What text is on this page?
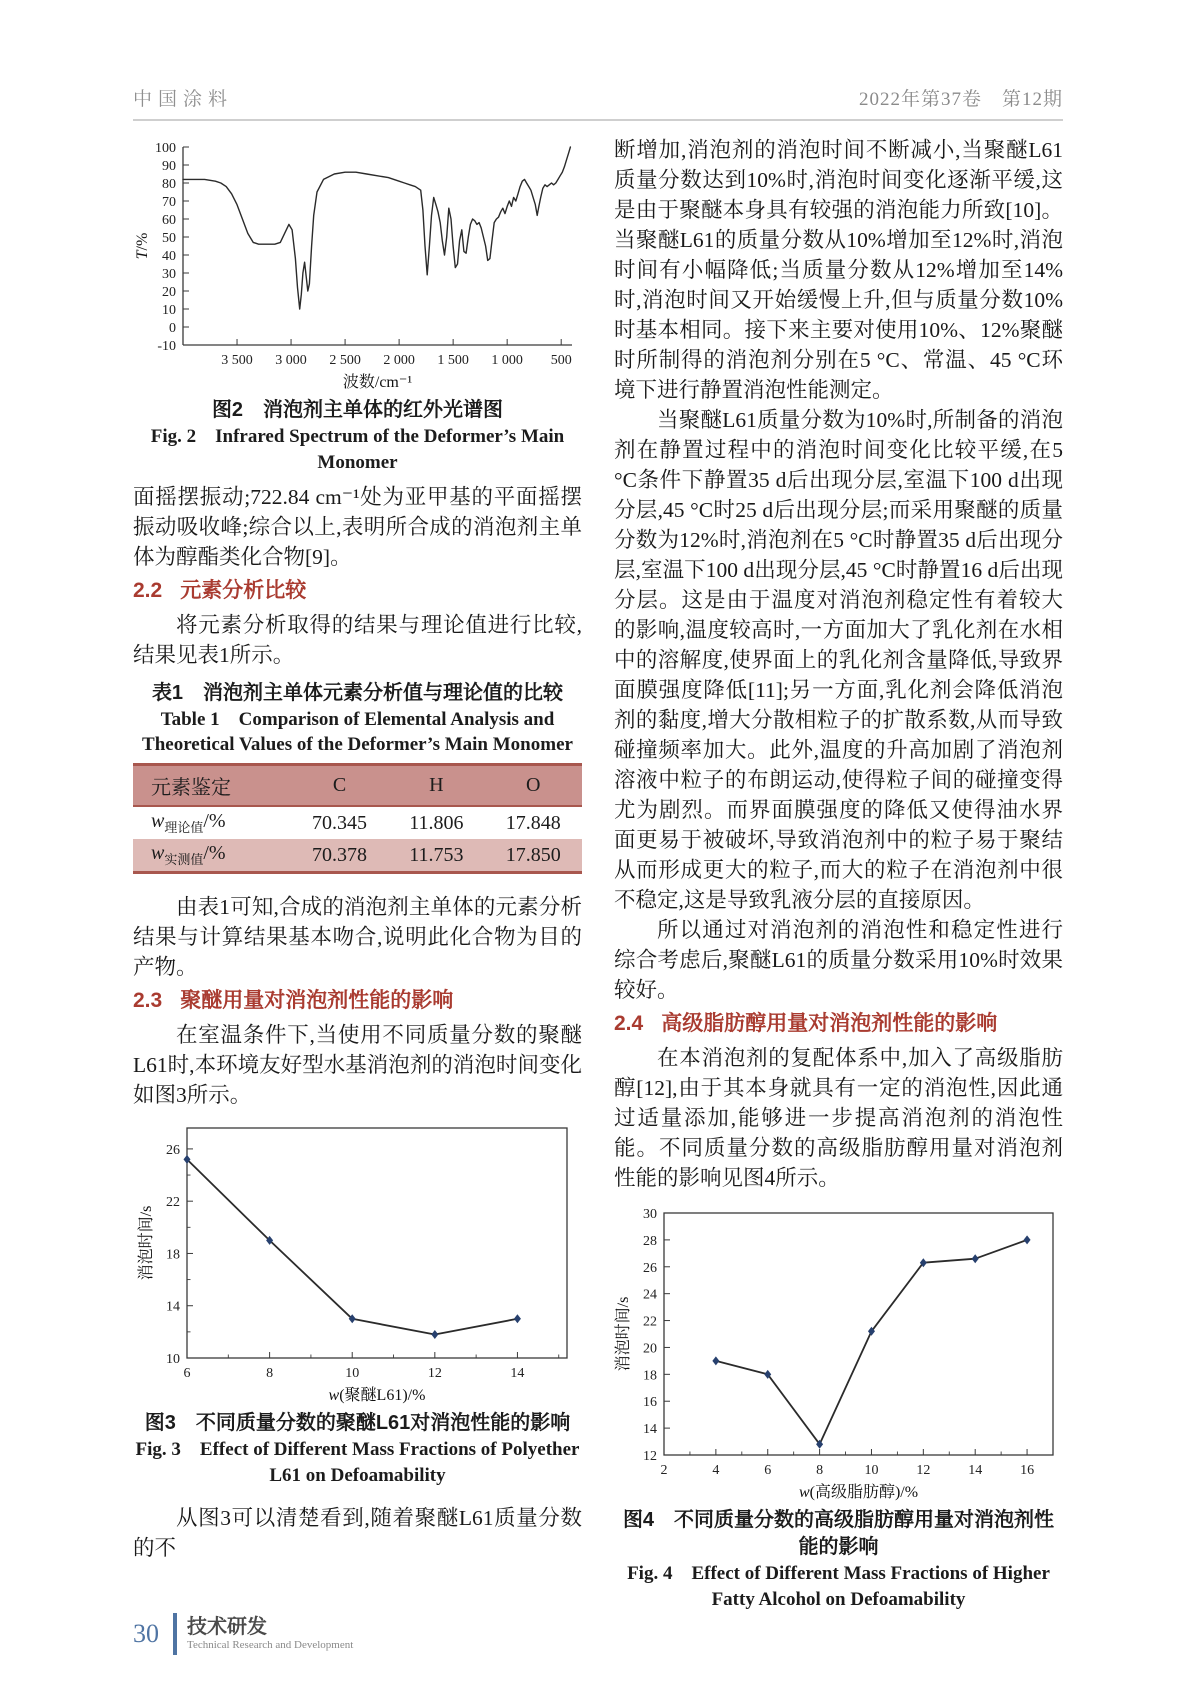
中国涂料	2022年第37卷　第12期
-10
0
10
20
30
40
50
60
70
80
90
100
3 500 3 000 2 500 2 000 1 500 1 000 500
波数/cm⁻¹
T/%
图2　消泡剂主单体的红外光谱图
Fig. 2　Infrared Spectrum of the Deformer’s Main Monomer

面摇摆振动;722.84 cm⁻¹处为亚甲基的平面摇摆振动吸收峰;综合以上,表明所合成的消泡剂主单体为醇酯类化合物[9]。

2.2 元素分析比较

将元素分析取得的结果与理论值进行比较,结果见表1所示。

表1　消泡剂主单体元素分析值与理论值的比较
Table 1　Comparison of Elemental Analysis and Theoretical Values of the Deformer’s Main Monomer
元素鉴定	C	H	O
$w_{理论值}/\%$	70.345	11.806	17.848
$w_{实测值}/\%$	70.378	11.753	17.850

由表1可知,合成的消泡剂主单体的元素分析结果与计算结果基本吻合,说明此化合物为目的产物。

2.3 聚醚用量对消泡剂性能的影响

在室温条件下,当使用不同质量分数的聚醚L61时,本环境友好型水基消泡剂的消泡时间变化如图3所示。

10
14
18
22
26
6	8	10	12	14
w(聚醚L61)/%
消泡时间/s
图3　不同质量分数的聚醚L61对消泡性能的影响
Fig. 3　Effect of Different Mass Fractions of Polyether L61 on Defoamability

从图3可以清楚看到,随着聚醚L61质量分数的不

断增加,消泡剂的消泡时间不断减小,当聚醚L61质量分数达到10%时,消泡时间变化逐渐平缓,这是由于聚醚本身具有较强的消泡能力所致[10]。当聚醚L61的质量分数从10%增加至12%时,消泡时间有小幅降低;当质量分数从12%增加至14%时,消泡时间又开始缓慢上升,但与质量分数10%时基本相同。接下来主要对使用10%、12%聚醚时所制得的消泡剂分别在5 °C、常温、45 °C环境下进行静置消泡性能测定。

当聚醚L61质量分数为10%时,所制备的消泡剂在静置过程中的消泡时间变化比较平缓,在5 °C条件下静置35 d后出现分层,室温下100 d出现分层,45 °C时25 d后出现分层;而采用聚醚的质量分数为12%时,消泡剂在5 °C时静置35 d后出现分层,室温下100 d出现分层,45 °C时静置16 d后出现分层。这是由于温度对消泡剂稳定性有着较大的影响,温度较高时,一方面加大了乳化剂在水相中的溶解度,使界面上的乳化剂含量降低,导致界面膜强度降低[11];另一方面,乳化剂会降低消泡剂的黏度,增大分散相粒子的扩散系数,从而导致碰撞频率加大。此外,温度的升高加剧了消泡剂溶液中粒子的布朗运动,使得粒子间的碰撞变得尤为剧烈。而界面膜强度的降低又使得油水界面更易于被破坏,导致消泡剂中的粒子易于聚结从而形成更大的粒子,而大的粒子在消泡剂中很不稳定,这是导致乳液分层的直接原因。

所以通过对消泡剂的消泡性和稳定性进行综合考虑后,聚醚L61的质量分数采用10%时效果较好。

2.4 高级脂肪醇用量对消泡剂性能的影响

在本消泡剂的复配体系中,加入了高级脂肪醇[12],由于其本身就具有一定的消泡性,因此通过适量添加,能够进一步提高消泡剂的消泡性能。不同质量分数的高级脂肪醇用量对消泡剂性能的影响见图4所示。

12
14
16
18
20
22
24
26
28
30
2	4	6	8	10	12	14	16
w(高级脂肪醇)/%
消泡时间/s
图4　不同质量分数的高级脂肪醇用量对消泡剂性能的影响
Fig. 4　Effect of Different Mass Fractions of Higher Fatty Alcohol on Defoamability
30 技术研发
Technical Research and Development
